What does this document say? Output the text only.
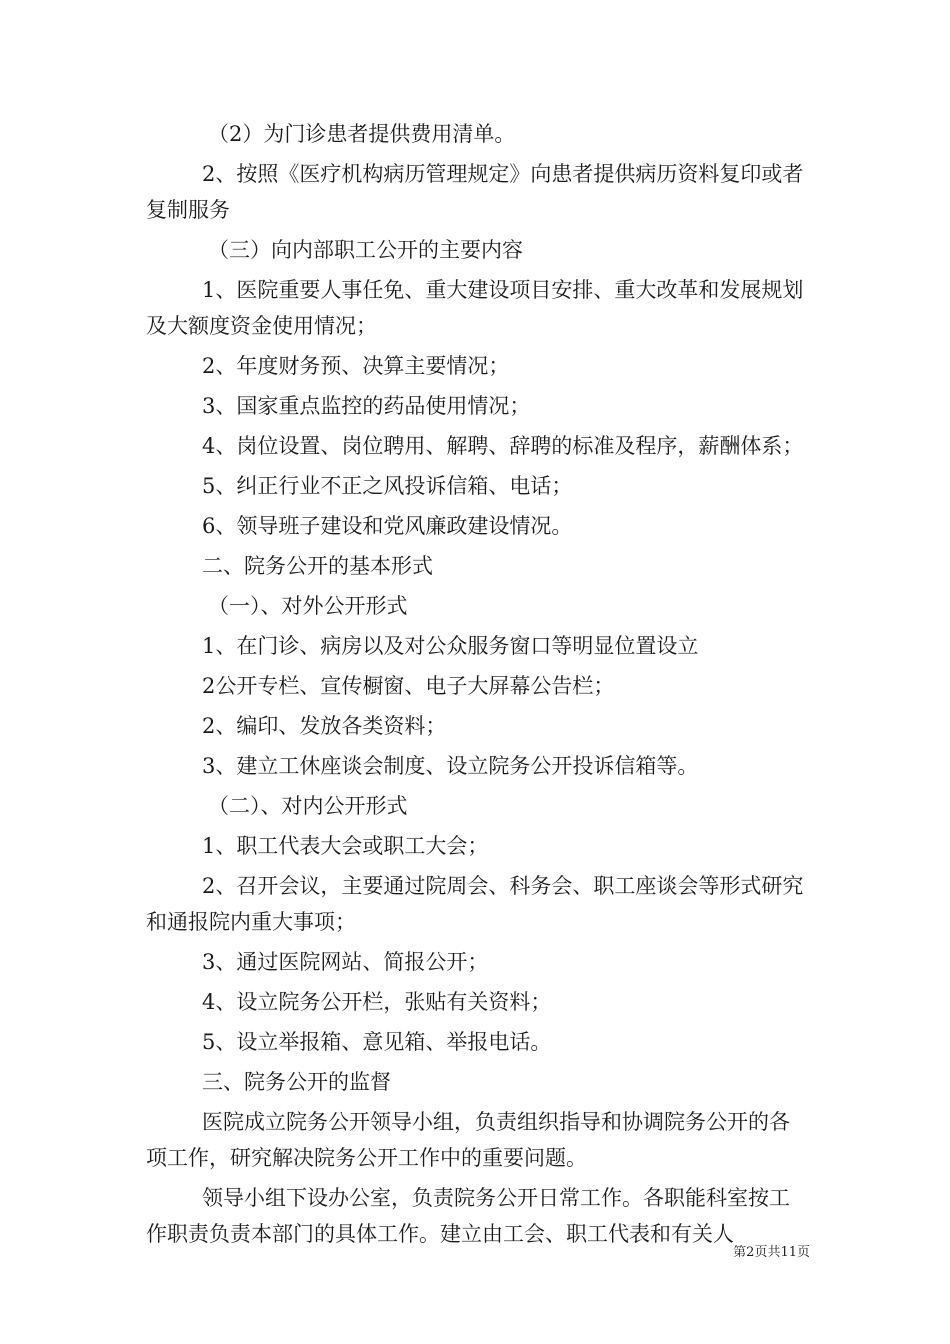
（2）为门诊患者提供费用清单。

2、按照《医疗机构病历管理规定》向患者提供病历资料复印或者复制服务

（三）向内部职工公开的主要内容

1、医院重要人事任免、重大建设项目安排、重大改革和发展规划及大额度资金使用情况；

2、年度财务预、决算主要情况；

3、国家重点监控的药品使用情况；

4、岗位设置、岗位聘用、解聘、辞聘的标准及程序，薪酬体系；

5、纠正行业不正之风投诉信箱、电话；

6、领导班子建设和党风廉政建设情况。

二、院务公开的基本形式

（一）、对外公开形式

1、在门诊、病房以及对公众服务窗口等明显位置设立

2公开专栏、宣传橱窗、电子大屏幕公告栏；

2、编印、发放各类资料；

3、建立工休座谈会制度、设立院务公开投诉信箱等。

（二）、对内公开形式

1、职工代表大会或职工大会；

2、召开会议，主要通过院周会、科务会、职工座谈会等形式研究和通报院内重大事项；

3、通过医院网站、简报公开；

4、设立院务公开栏，张贴有关资料；

5、设立举报箱、意见箱、举报电话。

三、院务公开的监督

医院成立院务公开领导小组，负责组织指导和协调院务公开的各项工作，研究解决院务公开工作中的重要问题。

领导小组下设办公室，负责院务公开日常工作。各职能科室按工作职责负责本部门的具体工作。建立由工会、职工代表和有关人

第2页共11页
